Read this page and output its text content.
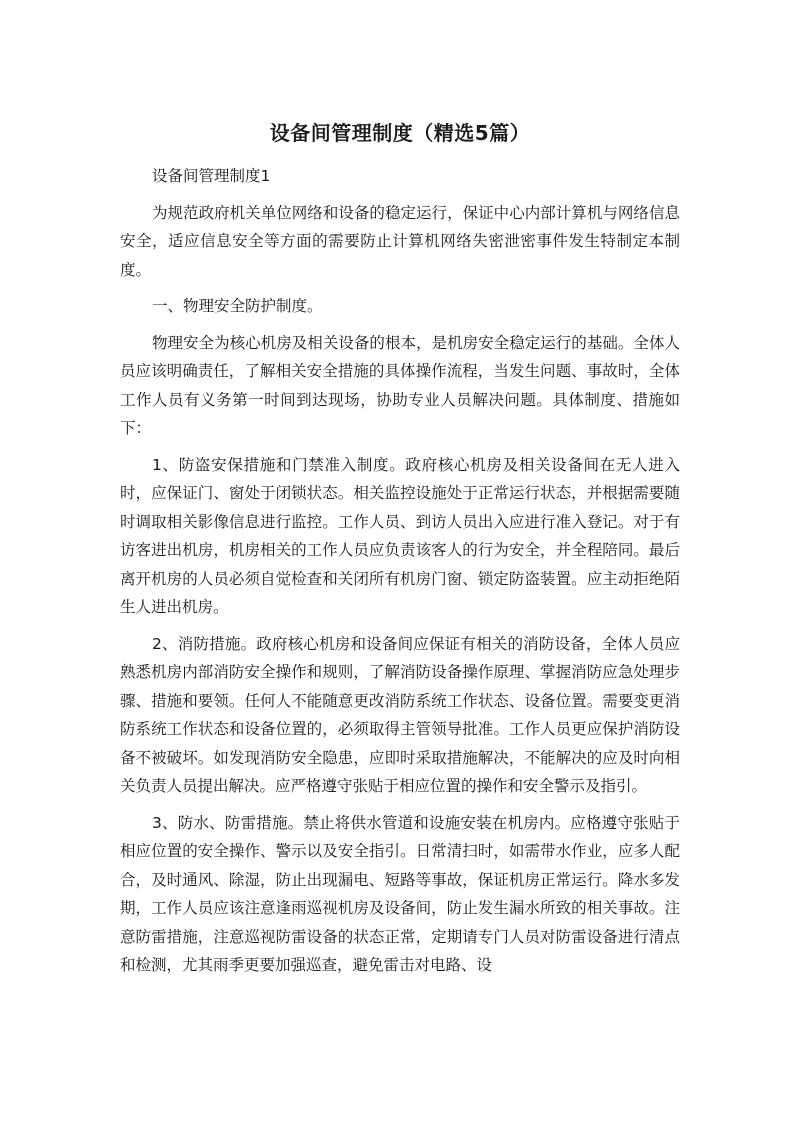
设备间管理制度（精选5篇）

设备间管理制度1

为规范政府机关单位网络和设备的稳定运行，保证中心内部计算机与网络信息安全，适应信息安全等方面的需要防止计算机网络失密泄密事件发生特制定本制度。

一、物理安全防护制度。

物理安全为核心机房及相关设备的根本，是机房安全稳定运行的基础。全体人员应该明确责任，了解相关安全措施的具体操作流程，当发生问题、事故时，全体工作人员有义务第一时间到达现场，协助专业人员解决问题。具体制度、措施如下：

1、防盗安保措施和门禁准入制度。政府核心机房及相关设备间在无人进入时，应保证门、窗处于闭锁状态。相关监控设施处于正常运行状态，并根据需要随时调取相关影像信息进行监控。工作人员、到访人员出入应进行准入登记。对于有访客进出机房，机房相关的工作人员应负责该客人的行为安全，并全程陪同。最后离开机房的人员必须自觉检查和关闭所有机房门窗、锁定防盗装置。应主动拒绝陌生人进出机房。

2、消防措施。政府核心机房和设备间应保证有相关的消防设备，全体人员应熟悉机房内部消防安全操作和规则，了解消防设备操作原理、掌握消防应急处理步骤、措施和要领。任何人不能随意更改消防系统工作状态、设备位置。需要变更消防系统工作状态和设备位置的，必须取得主管领导批准。工作人员更应保护消防设备不被破坏。如发现消防安全隐患，应即时采取措施解决，不能解决的应及时向相关负责人员提出解决。应严格遵守张贴于相应位置的操作和安全警示及指引。

3、防水、防雷措施。禁止将供水管道和设施安装在机房内。应格遵守张贴于相应位置的安全操作、警示以及安全指引。日常清扫时，如需带水作业，应多人配合，及时通风、除湿，防止出现漏电、短路等事故，保证机房正常运行。降水多发期，工作人员应该注意逢雨巡视机房及设备间，防止发生漏水所致的相关事故。注意防雷措施，注意巡视防雷设备的状态正常，定期请专门人员对防雷设备进行清点和检测，尤其雨季更要加强巡查，避免雷击对电路、设
